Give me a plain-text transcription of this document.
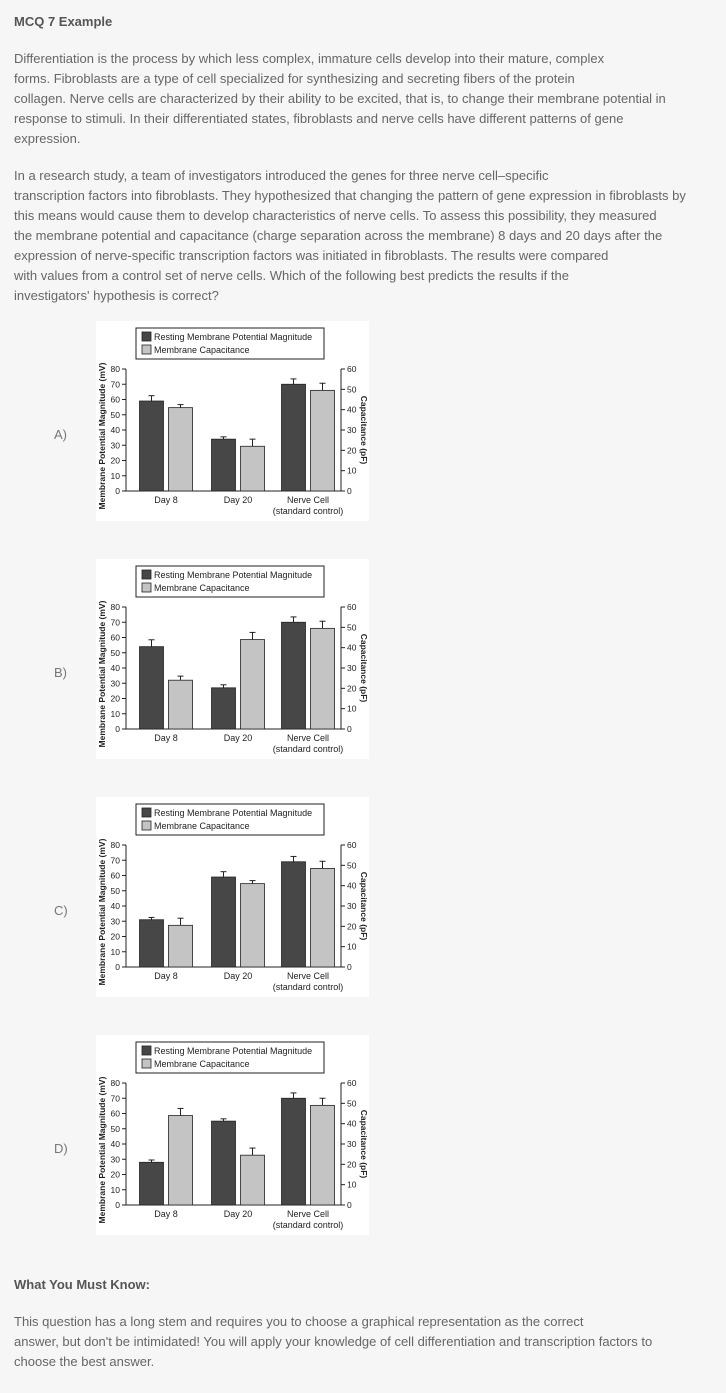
MCQ 7 Example
Differentiation is the process by which less complex, immature cells develop into their mature, complex
forms. Fibroblasts are a type of cell specialized for synthesizing and secreting fibers of the protein
collagen. Nerve cells are characterized by their ability to be excited, that is, to change their membrane potential in
response to stimuli. In their differentiated states, fibroblasts and nerve cells have different patterns of gene
expression.
In a research study, a team of investigators introduced the genes for three nerve cell–specific
transcription factors into fibroblasts. They hypothesized that changing the pattern of gene expression in fibroblasts by
this means would cause them to develop characteristics of nerve cells. To assess this possibility, they measured
the membrane potential and capacitance (charge separation across the membrane) 8 days and 20 days after the
expression of nerve-specific transcription factors was initiated in fibroblasts. The results were compared
with values from a control set of nerve cells. Which of the following best predicts the results if the
investigators' hypothesis is correct?
A)
Resting Membrane Potential Magnitude
Membrane Capacitance
0
10
20
30
40
50
60
70
80
0
10
20
30
40
50
60
Membrane Potential Magnitude (mV)	Capacitance (pF)
Day 8	Day 20	Nerve Cell
(standard control)
B)
Resting Membrane Potential Magnitude
Membrane Capacitance
0
10
20
30
40
50
60
70
80
0
10
20
30
40
50
60
Membrane Potential Magnitude (mV)	Capacitance (pF)
Day 8	Day 20	Nerve Cell
(standard control)
C)
Resting Membrane Potential Magnitude
Membrane Capacitance
0
10
20
30
40
50
60
70
80
0
10
20
30
40
50
60
Membrane Potential Magnitude (mV)	Capacitance (pF)
Day 8	Day 20	Nerve Cell
(standard control)
D)
Resting Membrane Potential Magnitude
Membrane Capacitance
0
10
20
30
40
50
60
70
80
0
10
20
30
40
50
60
Membrane Potential Magnitude (mV)	Capacitance (pF)
Day 8	Day 20	Nerve Cell
(standard control)
What You Must Know:
This question has a long stem and requires you to choose a graphical representation as the correct
answer, but don't be intimidated! You will apply your knowledge of cell differentiation and transcription factors to
choose the best answer.
